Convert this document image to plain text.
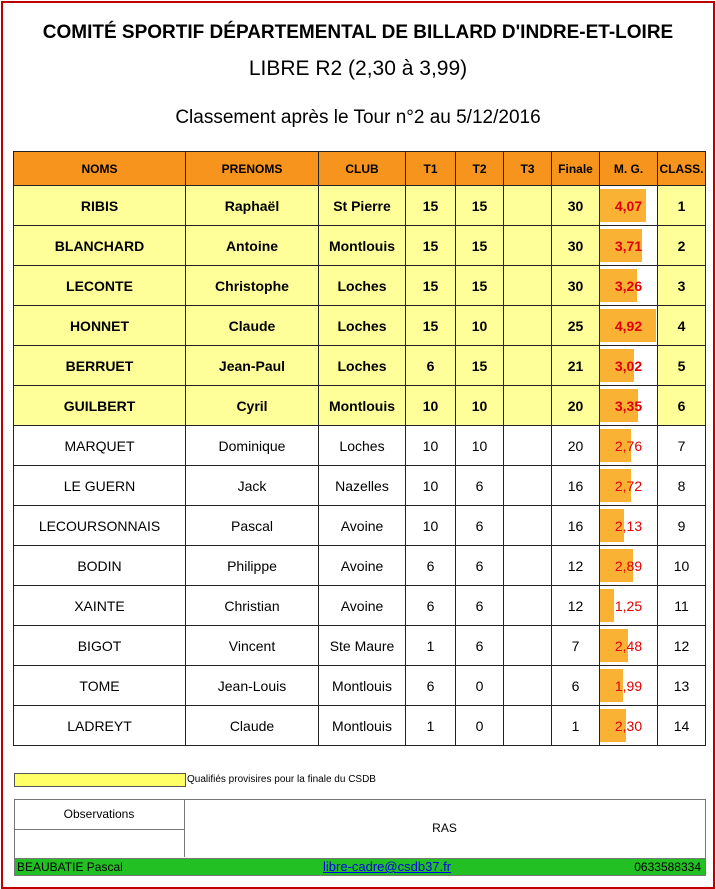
COMITÉ SPORTIF DÉPARTEMENTAL DE BILLARD D'INDRE-ET-LOIRE
LIBRE R2 (2,30 à 3,99)
Classement après le Tour n°2 au 5/12/2016
NOMS	PRENOMS	CLUB	T1	T2	T3	Finale	M. G.	CLASS.
RIBIS	Raphaël	St Pierre	15	15		30	4,07	1
BLANCHARD	Antoine	Montlouis	15	15		30	3,71	2
LECONTE	Christophe	Loches	15	15		30	3,26	3
HONNET	Claude	Loches	15	10		25	4,92	4
BERRUET	Jean-Paul	Loches	6	15		21	3,02	5
GUILBERT	Cyril	Montlouis	10	10		20	3,35	6
MARQUET	Dominique	Loches	10	10		20	2,76	7
LE GUERN	Jack	Nazelles	10	6		16	2,72	8
LECOURSONNAIS	Pascal	Avoine	10	6		16	2,13	9
BODIN	Philippe	Avoine	6	6		12	2,89	10
XAINTE	Christian	Avoine	6	6		12	1,25	11
BIGOT	Vincent	Ste Maure	1	6		7	2,48	12
TOME	Jean-Louis	Montlouis	6	0		6	1,99	13
LADREYT	Claude	Montlouis	1	0		1	2,30	14
Qualifiés provisires pour la finale du CSDB
Observations
RAS
BEAUBATIE Pascal	libre-cadre@csdb37.fr	0633588334
